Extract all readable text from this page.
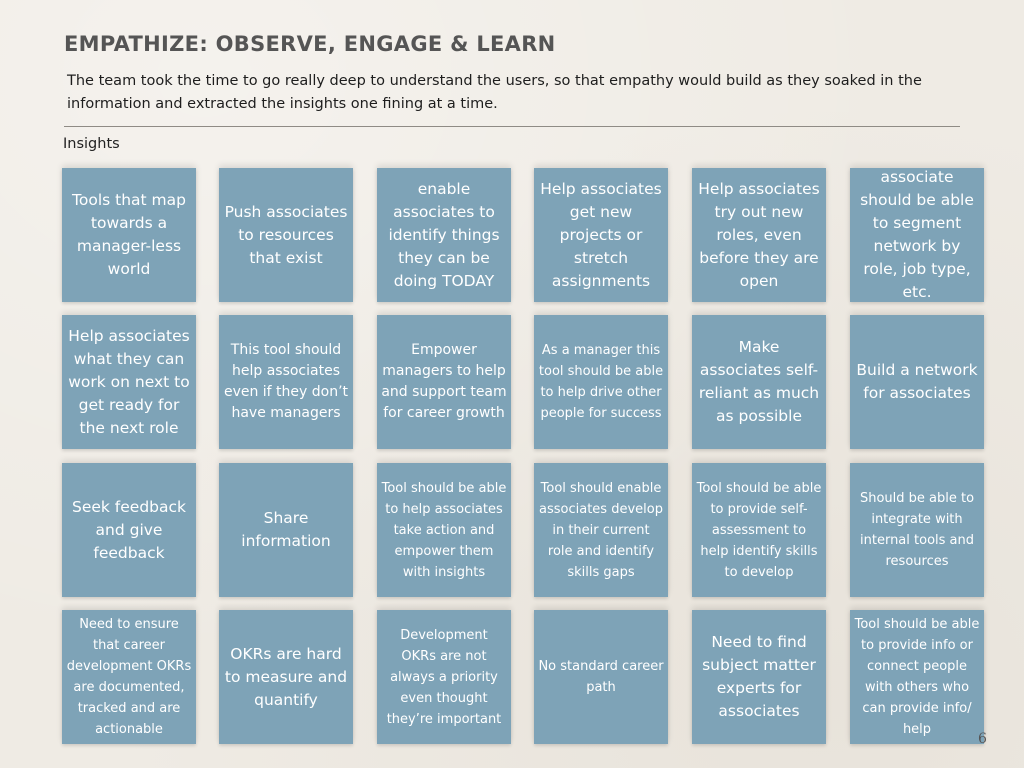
EMPATHIZE: OBSERVE, ENGAGE & LEARN
The team took the time to go really deep to understand the users, so that empathy would build as they soaked in the information and extracted the insights one fining at a time.
Insights
Tools that map towards a manager-less world
Push associates to resources that exist
enable associates to identify things they can be doing TODAY
Help associates get new projects or stretch assignments
Help associates try out new roles, even before they are open
associate should be able to segment network by role, job type, etc.
Help associates what they can work on next to get ready for the next role
This tool should help associates even if they don’t have managers
Empower managers to help and support team for career growth
As a manager this tool should be able to help drive other people for success
Make associates self-reliant as much as possible
Build a network for associates
Seek feedback and give feedback
Share information
Tool should be able to help associates take action and empower them with insights
Tool should enable associates develop in their current role and identify skills gaps
Tool should be able to provide self-assessment to help identify skills to develop
Should be able to integrate with internal tools and resources
Need to ensure that career development OKRs are documented, tracked and are actionable
OKRs are hard to measure and quantify
Development OKRs are not always a priority even thought they’re important
No standard career path
Need to find subject matter experts for associates
Tool should be able to provide info or connect people with others who can provide info/ help
6
